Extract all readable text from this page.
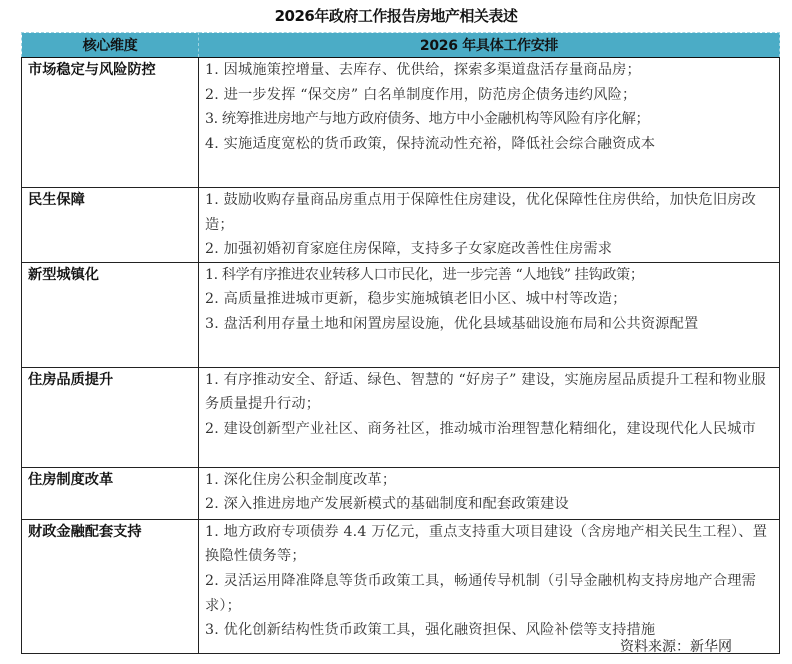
2026年政府工作报告房地产相关表述
核心维度	2026 年具体工作安排
市场稳定与风险防控	1. 因城施策控增量、去库存、优供给，探索多渠道盘活存量商品房；
2. 进一步发挥 “保交房” 白名单制度作用，防范房企债务违约风险；
3. 统筹推进房地产与地方政府债务、地方中小金融机构等风险有序化解；
4. 实施适度宽松的货币政策，保持流动性充裕，降低社会综合融资成本

民生保障	1. 鼓励收购存量商品房重点用于保障性住房建设，优化保障性住房供给，加快危旧房改造；
2. 加强初婚初育家庭住房保障，支持多子女家庭改善性住房需求

新型城镇化	1. 科学有序推进农业转移人口市民化，进一步完善 “人地钱” 挂钩政策；
2. 高质量推进城市更新，稳步实施城镇老旧小区、城中村等改造；
3. 盘活利用存量土地和闲置房屋设施，优化县域基础设施布局和公共资源配置

住房品质提升	1. 有序推动安全、舒适、绿色、智慧的 “好房子” 建设，实施房屋品质提升工程和物业服务质量提升行动；
2. 建设创新型产业社区、商务社区，推动城市治理智慧化精细化，建设现代化人民城市

住房制度改革	1. 深化住房公积金制度改革；
2. 深入推进房地产发展新模式的基础制度和配套政策建设

财政金融配套支持	1. 地方政府专项债券 4.4 万亿元，重点支持重大项目建设（含房地产相关民生工程）、置换隐性债务等；
2. 灵活运用降准降息等货币政策工具，畅通传导机制（引导金融机构支持房地产合理需求）；
3. 优化创新结构性货币政策工具，强化融资担保、风险补偿等支持措施
资料来源：新华网
